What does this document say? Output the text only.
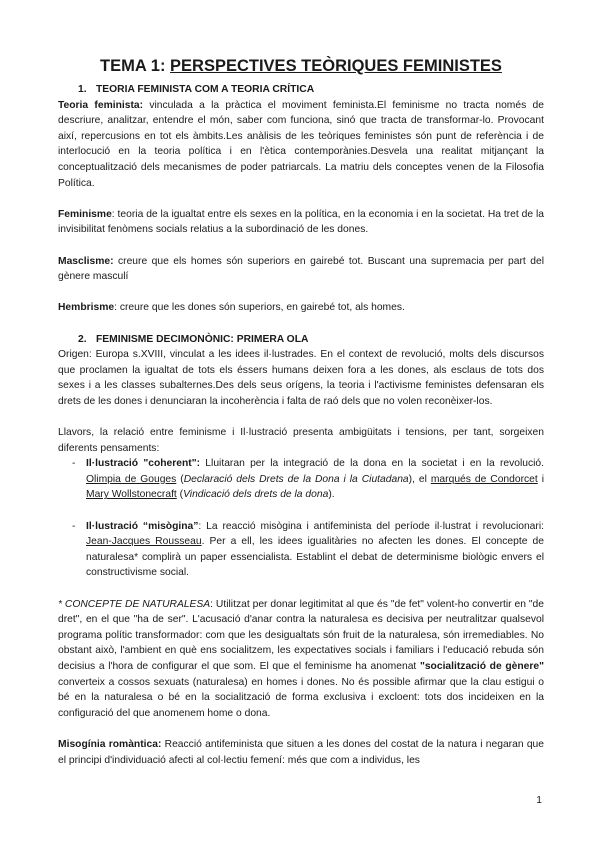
TEMA 1: PERSPECTIVES TEÒRIQUES FEMINISTES
1. TEORIA FEMINISTA COM A TEORIA CRÍTICA

Teoria feminista: vinculada a la pràctica el moviment feminista.El feminisme no tracta només de descriure, analitzar, entendre el món, saber com funciona, sinó que tracta de transformar-lo. Provocant així, repercusions en tot els àmbits.Les anàlisis de les teòriques feministes són punt de referència i de interlocució en la teoria política i en l'ètica contemporànies.Desvela una realitat mitjançant la conceptualització dels mecanismes de poder patriarcals. La matriu dels conceptes venen de la Filosofia Política.

Feminisme: teoria de la igualtat entre els sexes en la política, en la economia i en la societat. Ha tret de la invisibilitat fenòmens socials relatius a la subordinació de les dones.

Masclisme: creure que els homes són superiors en gairebé tot. Buscant una supremacia per part del gènere masculí

Hembrisme: creure que les dones són superiors, en gairebé tot, als homes.

2. FEMINISME DECIMONÒNIC: PRIMERA OLA

Origen: Europa s.XVIII, vinculat a les idees il·lustrades. En el context de revolució, molts dels discursos que proclamen la igualtat de tots els éssers humans deixen fora a les dones, als esclaus de tots dos sexes i a les classes subalternes.Des dels seus orígens, la teoria i l'activisme feministes defensaran els drets de les dones i denunciaran la incoherència i falta de raó dels que no volen reconèixer-los.

Llavors, la relació entre feminisme i Il·lustració presenta ambigüitats i tensions, per tant, sorgeixen diferents pensaments:

- Il·lustració "coherent": Lluitaran per la integració de la dona en la societat i en la revolució. Olimpia de Gouges (Declaració dels Drets de la Dona i la Ciutadana), el marqués de Condorcet i Mary Wollstonecraft (Vindicació dels drets de la dona).
- Il·lustració “misògina”: La reacció misògina i antifeminista del període il·lustrat i revolucionari: Jean-Jacques Rousseau. Per a ell, les idees igualitàries no afecten les dones. El concepte de naturalesa* complirà un paper essencialista. Establint el debat de determinisme biològic envers el constructivisme social.

* CONCEPTE DE NATURALESA: Utilitzat per donar legitimitat al que és "de fet" volent-ho convertir en "de dret", en el que "ha de ser". L'acusació d'anar contra la naturalesa es decisiva per neutralitzar qualsevol programa polític transformador: com que les desigualtats són fruit de la naturalesa, són irremediables. No obstant això, l'ambient en què ens socialitzem, les expectatives socials i familiars i l'educació rebuda són decisius a l'hora de configurar el que som. El que el feminisme ha anomenat "socialització de gènere" converteix a cossos sexuats (naturalesa) en homes i dones. No és possible afirmar que la clau estigui o bé en la naturalesa o bé en la socialització de forma exclusiva i excloent: tots dos incideixen en la configuració del que anomenem home o dona.

Misogínia romàntica: Reacció antifeminista que situen a les dones del costat de la natura i negaran que el principi d'individuació afecti al col·lectiu femení: més que com a individus, les

1
